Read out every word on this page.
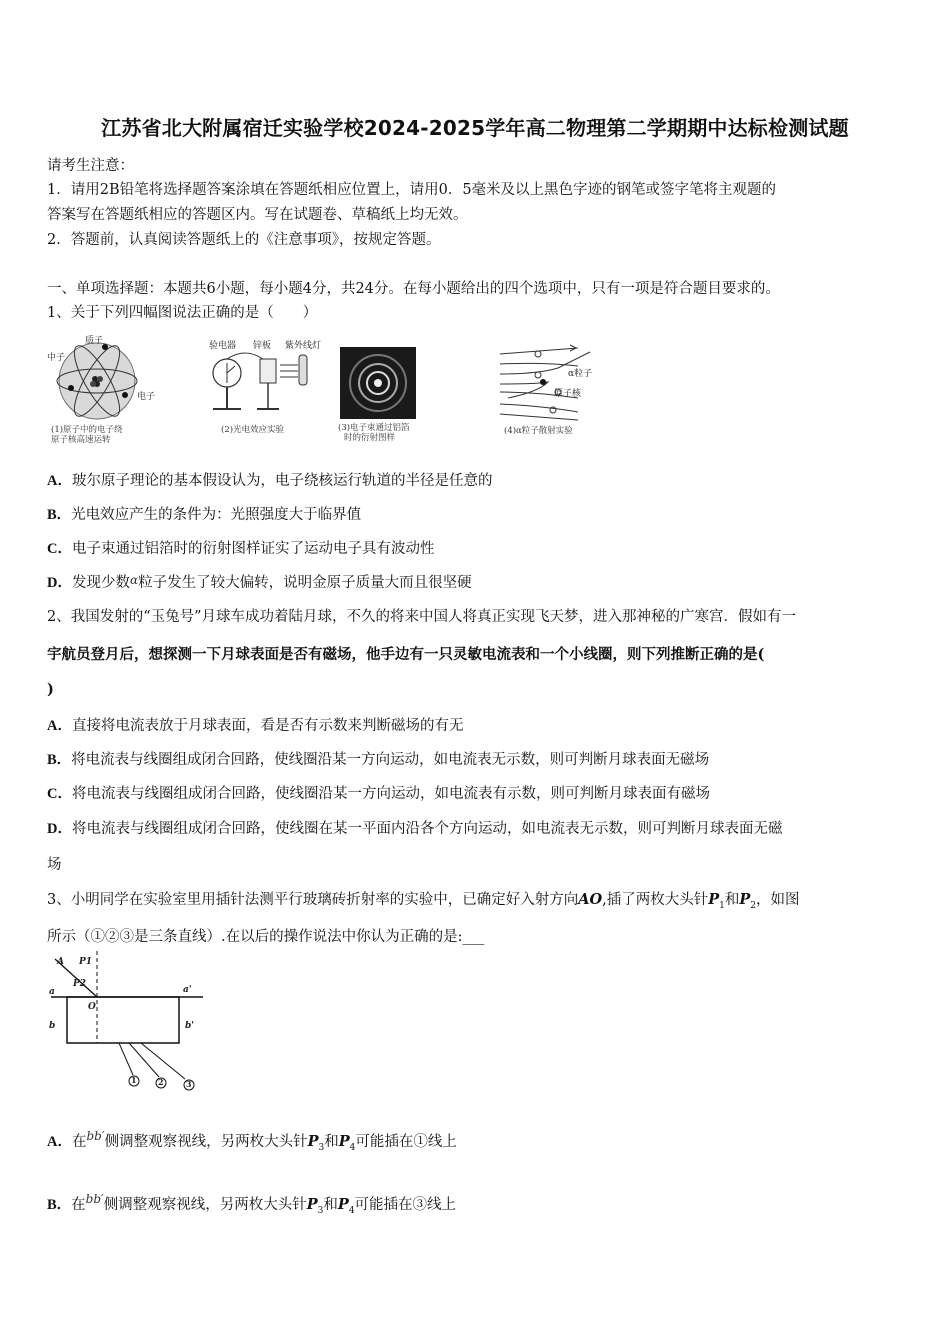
江苏省北大附属宿迁实验学校2024-2025学年高二物理第二学期期中达标检测试题
请考生注意：
1．请用2B铅笔将选择题答案涂填在答题纸相应位置上，请用0．5毫米及以上黑色字迹的钢笔或签字笔将主观题的
答案写在答题纸相应的答题区内。写在试题卷、草稿纸上均无效。
2．答题前，认真阅读答题纸上的《注意事项》，按规定答题。
一、单项选择题：本题共6小题，每小题4分，共24分。在每小题给出的四个选项中，只有一项是符合题目要求的。
1、关于下列四幅图说法正确的是（　　）
质子
中子
电子
(1)原子中的电子绕
原子核高速运转
验电器 锌板 紫外线灯
(2)光电效应实验	(3)电子束通过铝箔
时的衍射图样
α粒子
原子核
(4)α粒子散射实验
A．玻尔原子理论的基本假设认为，电子绕核运行轨道的半径是任意的
B．光电效应产生的条件为：光照强度大于临界值
C．电子束通过铝箔时的衍射图样证实了运动电子具有波动性
D．发现少数$^\alpha$粒子发生了较大偏转，说明金原子质量大而且很坚硬
2、我国发射的“玉兔号”月球车成功着陆月球，不久的将来中国人将真正实现飞天梦，进入那神秘的广寒宫．假如有一
宇航员登月后，想探测一下月球表面是否有磁场，他手边有一只灵敏电流表和一个小线圈，则下列推断正确的是(
)
A．直接将电流表放于月球表面，看是否有示数来判断磁场的有无
B．将电流表与线圈组成闭合回路，使线圈沿某一方向运动，如电流表无示数，则可判断月球表面无磁场
C．将电流表与线圈组成闭合回路，使线圈沿某一方向运动，如电流表有示数，则可判断月球表面有磁场
D．将电流表与线圈组成闭合回路，使线圈在某一平面内沿各个方向运动，如电流表无示数，则可判断月球表面无磁
场
3、小明同学在实验室里用插针法测平行玻璃砖折射率的实验中，已确定好入射方向AO,插了两枚大头针$P_1$和$P_2$，如图
所示（①②③是三条直线）.在以后的操作说法中你认为正确的是:___
A P1
P2
a	a'
O
b	b'
1	2	3
A．在$^{bb'}$侧调整观察视线，另两枚大头针$P_3$和$P_4$可能插在①线上
B．在$^{bb'}$侧调整观察视线，另两枚大头针$P_3$和$P_4$可能插在③线上
